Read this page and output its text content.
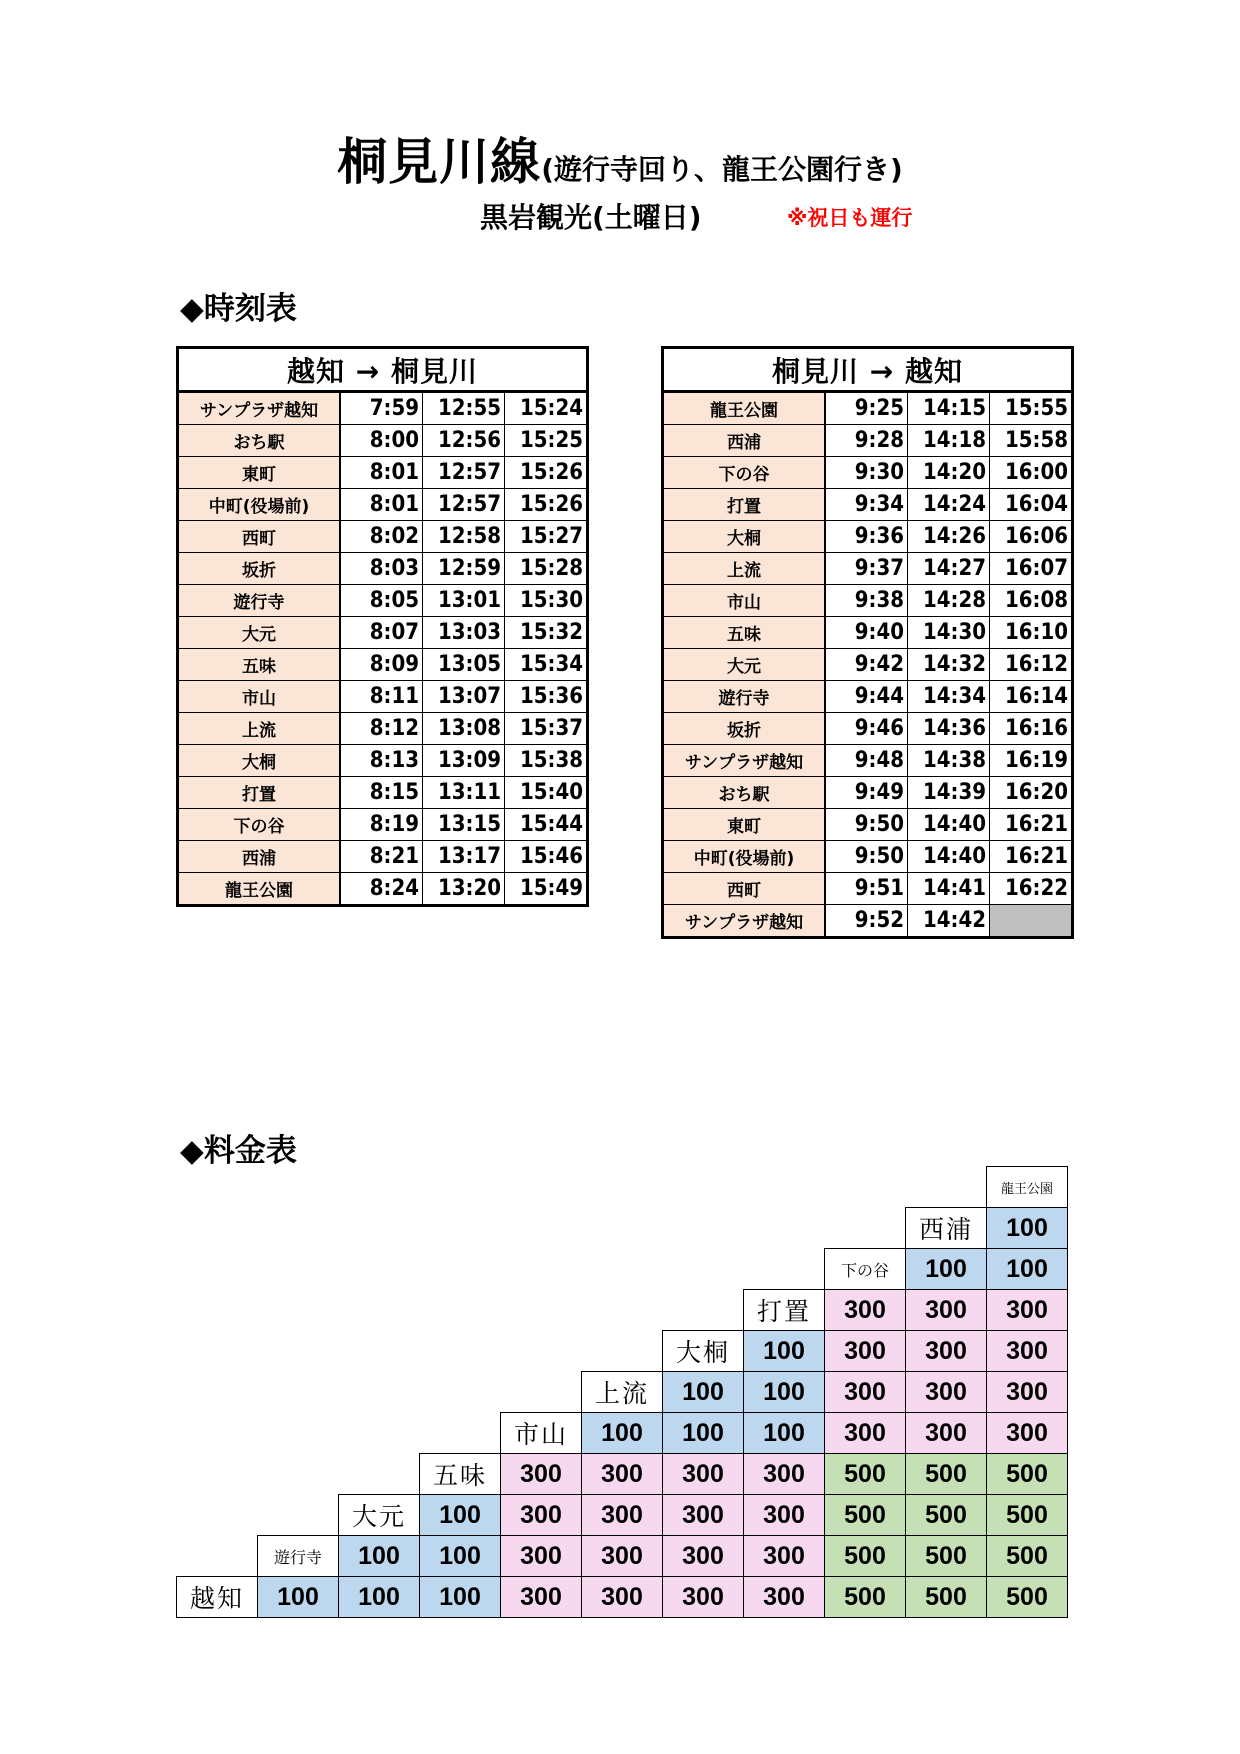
桐見川線(遊行寺回り、龍王公園行き)
黒岩観光(土曜日)	※祝日も運行
◆時刻表
越知 → 桐見川			
サンプラザ越知	7:59	12:55	15:24
おち駅	8:00	12:56	15:25
東町	8:01	12:57	15:26
中町(役場前)	8:01	12:57	15:26
西町	8:02	12:58	15:27
坂折	8:03	12:59	15:28
遊行寺	8:05	13:01	15:30
大元	8:07	13:03	15:32
五味	8:09	13:05	15:34
市山	8:11	13:07	15:36
上流	8:12	13:08	15:37
大桐	8:13	13:09	15:38
打置	8:15	13:11	15:40
下の谷	8:19	13:15	15:44
西浦	8:21	13:17	15:46
龍王公園	8:24	13:20	15:49
桐見川 → 越知			
龍王公園	9:25	14:15	15:55
西浦	9:28	14:18	15:58
下の谷	9:30	14:20	16:00
打置	9:34	14:24	16:04
大桐	9:36	14:26	16:06
上流	9:37	14:27	16:07
市山	9:38	14:28	16:08
五味	9:40	14:30	16:10
大元	9:42	14:32	16:12
遊行寺	9:44	14:34	16:14
坂折	9:46	14:36	16:16
サンプラザ越知	9:48	14:38	16:19
おち駅	9:49	14:39	16:20
東町	9:50	14:40	16:21
中町(役場前)	9:50	14:40	16:21
西町	9:51	14:41	16:22
サンプラザ越知	9:52	14:42	
◆料金表
										龍王公園
									西浦	100
								下の谷	100	100
							打置	300	300	300
						大桐	100	300	300	300
					上流	100	100	300	300	300
				市山	100	100	100	300	300	300
			五味	300	300	300	300	500	500	500
		大元	100	300	300	300	300	500	500	500
	遊行寺	100	100	300	300	300	300	500	500	500
越知	100	100	100	300	300	300	300	500	500	500
